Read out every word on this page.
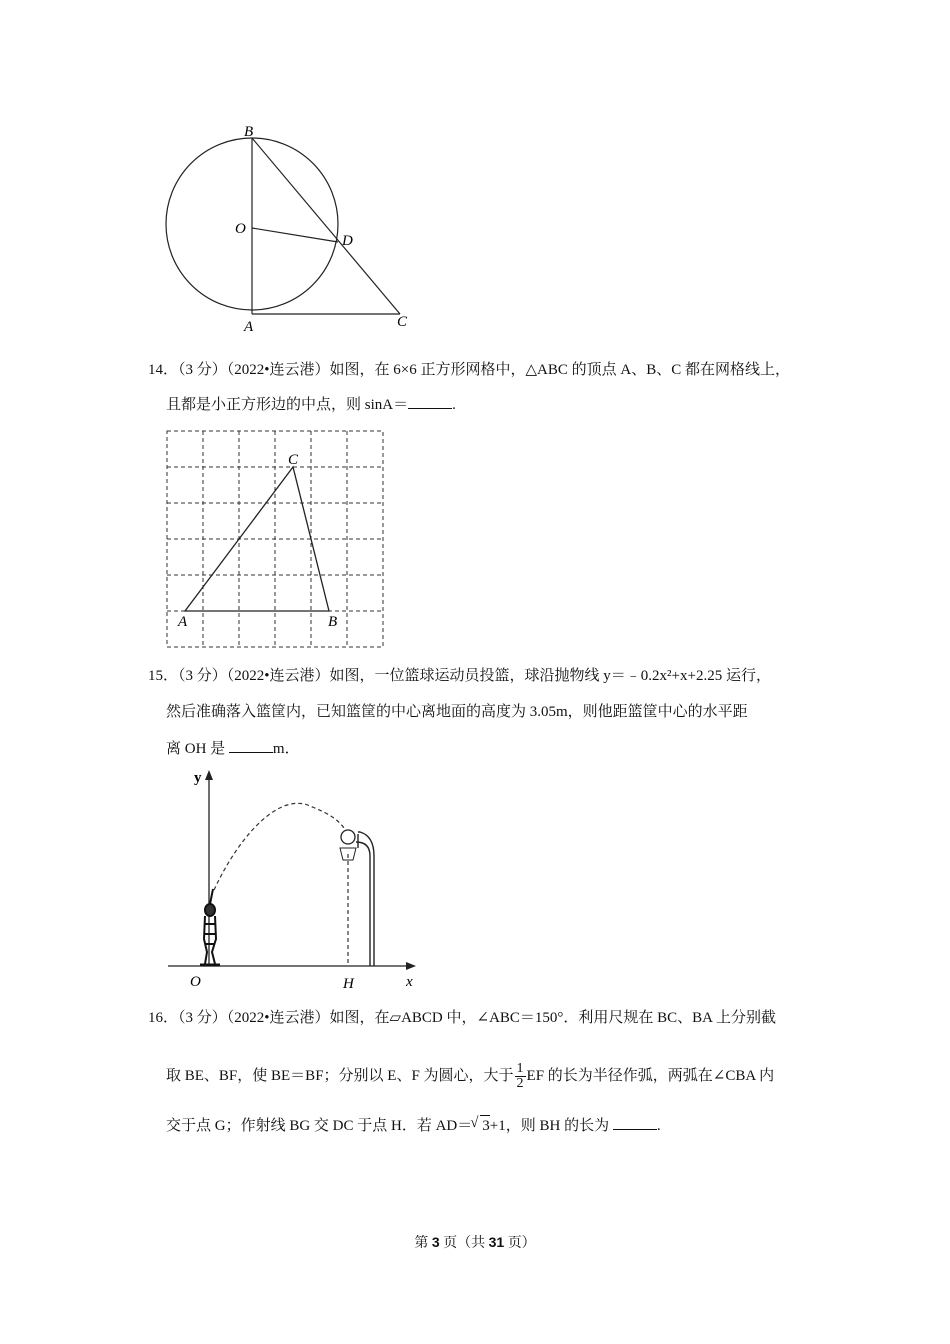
B
O
D
A	C
14．（3 分）（2022•连云港）如图，在 6×6 正方形网格中，△ABC 的顶点 A、B、C 都在网格线上，
且都是小正方形边的中点，则 sinA＝	.
A	B
C
15．（3 分）（2022•连云港）如图，一位篮球运动员投篮，球沿抛物线 y＝﹣0.2x²+x+2.25 运行，
然后准确落入篮筐内，已知篮筐的中心离地面的高度为 3.05m，则他距篮筐中心的水平距
离 OH 是	m．
y
x
O	H
16．（3 分）（2022•连云港）如图，在▱ABCD 中，∠ABC＝150°．利用尺规在 BC、BA 上分别截
取 BE、BF，使 BE＝BF；分别以 E、F 为圆心，大于 $\frac{1}{2}$ EF 的长为半径作弧，两弧在∠CBA 内
交于点 G；作射线 BG 交 DC 于点 H．若 AD＝√ 3+1，则 BH 的长为	.
第 3 页（共 31 页）
